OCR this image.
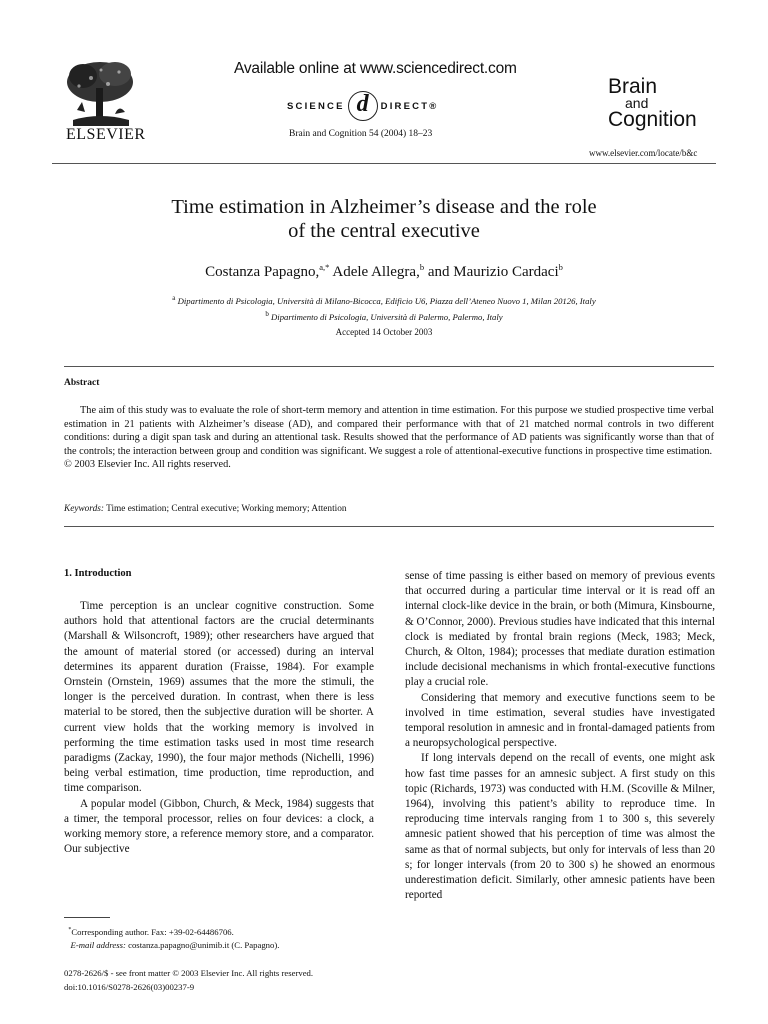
ELSEVIER
Available online at www.sciencedirect.com
SCIENCE d	DIRECT®
Brain and Cognition 54 (2004) 18–23
Brain
and
Cognition
www.elsevier.com/locate/b&c
Time estimation in Alzheimer’s disease and the role
of the central executive
Costanza Papagno,$^{a,*}$ Adele Allegra,$^b$ and Maurizio Cardaci$^b$
$^a$ Dipartimento di Psicologia, Università di Milano-Bicocca, Edificio U6, Piazza dell’Ateneo Nuovo 1, Milan 20126, Italy
$^b$ Dipartimento di Psicologia, Università di Palermo, Palermo, Italy
Accepted 14 October 2003
Abstract
The aim of this study was to evaluate the role of short-term memory and attention in time estimation. For this purpose we studied prospective time verbal estimation in 21 patients with Alzheimer’s disease (AD), and compared their performance with that of 21 matched normal controls in two different conditions: during a digit span task and during an attentional task. Results showed that the performance of AD patients was significantly worse than that of the controls; the interaction between group and condition was significant. We suggest a role of attentional-executive functions in prospective time estimation.
© 2003 Elsevier Inc. All rights reserved.
Keywords: Time estimation; Central executive; Working memory; Attention
1. Introduction

Time perception is an unclear cognitive construction. Some authors hold that attentional factors are the crucial determinants (Marshall & Wilsoncroft, 1989); other researchers have argued that the amount of material stored (or accessed) during an interval determines its apparent duration (Fraisse, 1984). For example Ornstein (Ornstein, 1969) assumes that the more the stimuli, the longer is the perceived duration. In contrast, when there is less material to be stored, then the subjective duration will be shorter. A current view holds that the working memory is involved in performing the time estimation tasks used in most time research paradigms (Zackay, 1990), the four major methods (Nichelli, 1996) being verbal estimation, time production, time reproduction, and time comparison.

A popular model (Gibbon, Church, & Meck, 1984) suggests that a timer, the temporal processor, relies on four devices: a clock, a working memory store, a reference memory store, and a comparator. Our subjective

sense of time passing is either based on memory of previous events that occurred during a particular time interval or it is read off an internal clock-like device in the brain, or both (Mimura, Kinsbourne, & O’Connor, 2000). Previous studies have indicated that this internal clock is mediated by frontal brain regions (Meck, 1983; Meck, Church, & Olton, 1984); processes that mediate duration estimation include decisional mechanisms in which frontal-executive functions play a crucial role.

Considering that memory and executive functions seem to be involved in time estimation, several studies have investigated temporal resolution in amnesic and in frontal-damaged patients from a neuropsychological perspective.

If long intervals depend on the recall of events, one might ask how fast time passes for an amnesic subject. A first study on this topic (Richards, 1973) was conducted with H.M. (Scoville & Milner, 1964), involving this patient’s ability to reproduce time. In reproducing time intervals ranging from 1 to 300 s, this severely amnesic patient showed that his perception of time was almost the same as that of normal subjects, but only for intervals of less than 20 s; for longer intervals (from 20 to 300 s) he showed an enormous underestimation deficit. Similarly, other amnesic patients have been reported

*Corresponding author. Fax: +39-02-64486706.
E-mail address: costanza.papagno@unimib.it (C. Papagno).
0278-2626/$ - see front matter © 2003 Elsevier Inc. All rights reserved.
doi:10.1016/S0278-2626(03)00237-9
